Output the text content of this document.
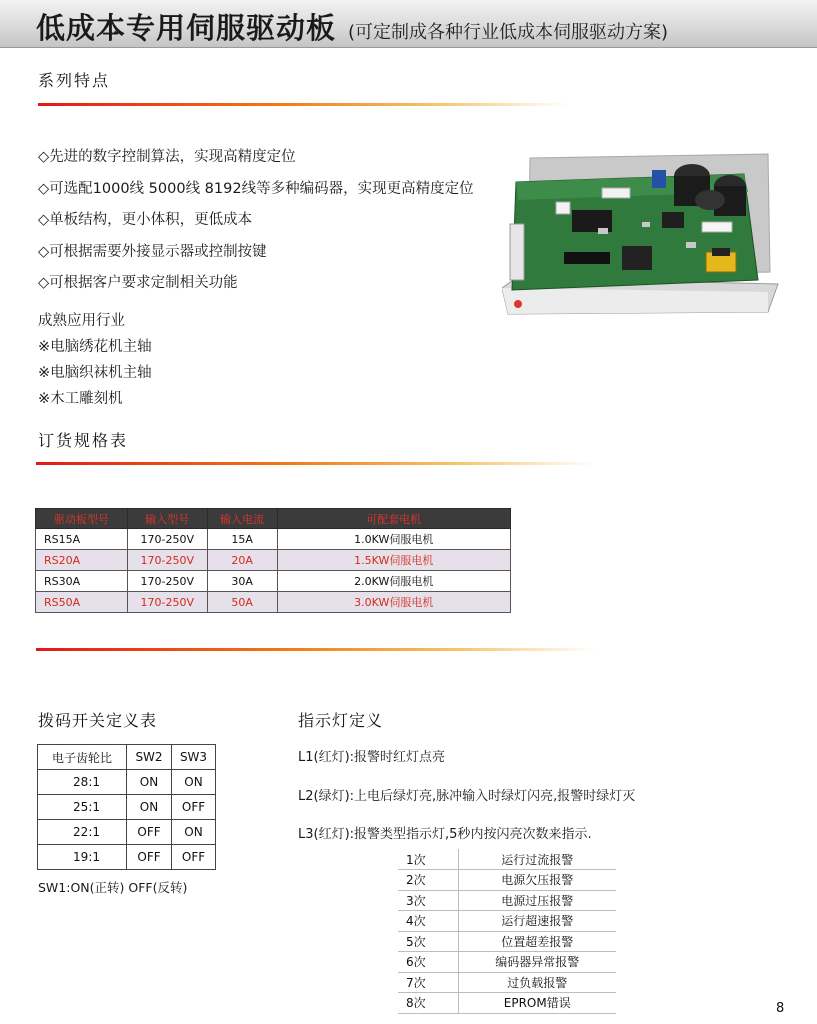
低成本专用伺服驱动板 (可定制成各种行业低成本伺服驱动方案)
系列特点
◇先进的数字控制算法，实现高精度定位
◇可选配1000线 5000线 8192线等多种编码器，实现更高精度定位
◇单板结构，更小体积，更低成本
◇可根据需要外接显示器或控制按键
◇可根据客户要求定制相关功能
成熟应用行业
※电脑绣花机主轴
※电脑织袜机主轴
※木工雕刻机
订货规格表
驱动板型号	输入型号	输入电流	可配套电机
RS15A	170-250V	15A	1.0KW伺服电机
RS20A	170-250V	20A	1.5KW伺服电机
RS30A	170-250V	30A	2.0KW伺服电机
RS50A	170-250V	50A	3.0KW伺服电机
拨码开关定义表
电子齿轮比	SW2	SW3
28:1	ON	ON
25:1	ON	OFF
22:1	OFF	ON
19:1	OFF	OFF
SW1:ON(正转) OFF(反转)
指示灯定义
L1(红灯):报警时红灯点亮
L2(绿灯):上电后绿灯亮,脉冲输入时绿灯闪亮,报警时绿灯灭
L3(红灯):报警类型指示灯,5秒内按闪亮次数来指示.
1次	运行过流报警
2次	电源欠压报警
3次	电源过压报警
4次	运行超速报警
5次	位置超差报警
6次	编码器异常报警
7次	过负载报警
8次	EPROM错误	8
